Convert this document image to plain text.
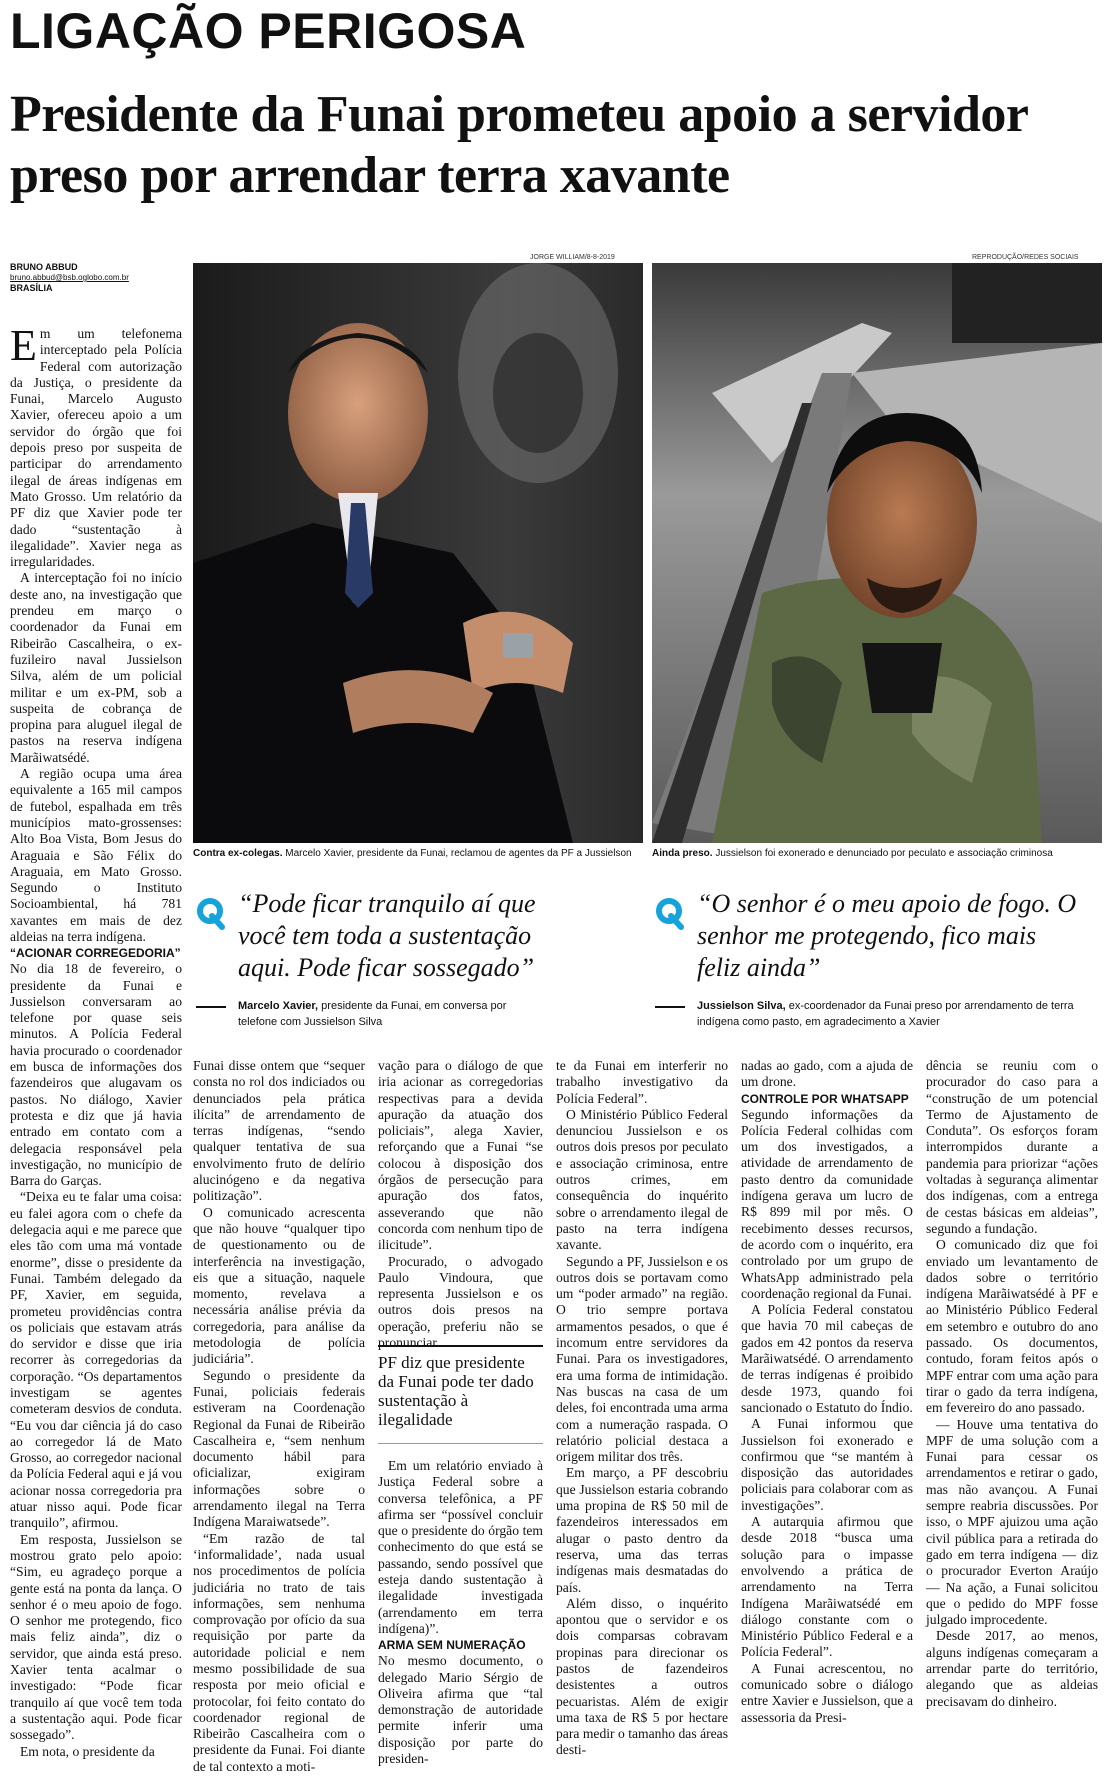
LIGAÇÃO PERIGOSA
Presidente da Funai prometeu apoio a servidor preso por arrendar terra xavante
BRUNO ABBUD
bruno.abbud@bsb.oglobo.com.br
BRASÍLIA
JORGE WILLIAM/8-8-2019	REPRODUÇÃO/REDES SOCIAIS
Contra ex-colegas. Marcelo Xavier, presidente da Funai, reclamou de agentes da PF a Jussielson	Ainda preso. Jussielson foi exonerado e denunciado por peculato e associação criminosa
“Pode ficar tranquilo aí que você tem toda a sustentação aqui. Pode ficar sossegado”
Marcelo Xavier, presidente da Funai, em conversa por telefone com Jussielson Silva
“O senhor é o meu apoio de fogo. O senhor me protegendo, fico mais feliz ainda”
Jussielson Silva, ex-coordenador da Funai preso por arrendamento de terra indígena como pasto, em agradecimento a Xavier

Em um telefonema interceptado pela Polícia Federal com autorização da Justiça, o presidente da Funai, Marcelo Augusto Xavier, ofereceu apoio a um servidor do órgão que foi depois preso por suspeita de participar do arrendamento ilegal de áreas indígenas em Mato Grosso. Um relatório da PF diz que Xavier pode ter dado “sustentação à ilegalidade”. Xavier nega as irregularidades.

A interceptação foi no início deste ano, na investigação que prendeu em março o coordenador da Funai em Ribeirão Cascalheira, o ex-fuzileiro naval Jussielson Silva, além de um policial militar e um ex-PM, sob a suspeita de cobrança de propina para aluguel ilegal de pastos na reserva indígena Marãiwatsédé.

A região ocupa uma área equivalente a 165 mil campos de futebol, espalhada em três municípios mato-grossenses: Alto Boa Vista, Bom Jesus do Araguaia e São Félix do Araguaia, em Mato Grosso. Segundo o Instituto Socioambiental, há 781 xavantes em mais de dez aldeias na terra indígena.

“ACIONAR CORREGEDORIA”

No dia 18 de fevereiro, o presidente da Funai e Jussielson conversaram ao telefone por quase seis minutos. A Polícia Federal havia procurado o coordenador em busca de informações dos fazendeiros que alugavam os pastos. No diálogo, Xavier protesta e diz que já havia entrado em contato com a delegacia responsável pela investigação, no município de Barra do Garças.

“Deixa eu te falar uma coisa: eu falei agora com o chefe da delegacia aqui e me parece que eles tão com uma má vontade enorme”, disse o presidente da Funai. Também delegado da PF, Xavier, em seguida, prometeu providências contra os policiais que estavam atrás do servidor e disse que iria recorrer às corregedorias da corporação. “Os departamentos investigam se agentes cometeram desvios de conduta. “Eu vou dar ciência já do caso ao corregedor lá de Mato Grosso, ao corregedor nacional da Polícia Federal aqui e já vou acionar nossa corregedoria pra atuar nisso aqui. Pode ficar tranquilo”, afirmou.

Em resposta, Jussielson se mostrou grato pelo apoio: “Sim, eu agradeço porque a gente está na ponta da lança. O senhor é o meu apoio de fogo. O senhor me protegendo, fico mais feliz ainda”, diz o servidor, que ainda está preso. Xavier tenta acalmar o investigado: “Pode ficar tranquilo aí que você tem toda a sustentação aqui. Pode ficar sossegado”.

Em nota, o presidente da

Funai disse ontem que “sequer consta no rol dos indiciados ou denunciados pela prática ilícita” de arrendamento de terras indígenas, “sendo qualquer tentativa de sua envolvimento fruto de delírio alucinógeno e da negativa politização”.

O comunicado acrescenta que não houve “qualquer tipo de questionamento ou de interferência na investigação, eis que a situação, naquele momento, revelava a necessária análise prévia da corregedoria, para análise da metodologia de polícia judiciária”.

Segundo o presidente da Funai, policiais federais estiveram na Coordenação Regional da Funai de Ribeirão Cascalheira e, “sem nenhum documento hábil para oficializar, exigiram informações sobre o arrendamento ilegal na Terra Indígena Maraiwatsede”.

“Em razão de tal ‘informalidade’, nada usual nos procedimentos de polícia judiciária no trato de tais informações, sem nenhuma comprovação por ofício da sua requisição por parte da autoridade policial e nem mesmo possibilidade de sua resposta por meio oficial e protocolar, foi feito contato do coordenador regional de Ribeirão Cascalheira com o presidente da Funai. Foi diante de tal contexto a moti-

vação para o diálogo de que iria acionar as corregedorias respectivas para a devida apuração da atuação dos policiais”, alega Xavier, reforçando que a Funai “se colocou à disposição dos órgãos de persecução para apuração dos fatos, asseverando que não concorda com nenhum tipo de ilicitude”.

Procurado, o advogado Paulo Vindoura, que representa Jussielson e os outros dois presos na operação, preferiu não se pronunciar.

PF diz que presidente da Funai pode ter dado sustentação à ilegalidade

Em um relatório enviado à Justiça Federal sobre a conversa telefônica, a PF afirma ser “possível concluir que o presidente do órgão tem conhecimento do que está se passando, sendo possível que esteja dando sustentação à ilegalidade investigada (arrendamento em terra indígena)”.

ARMA SEM NUMERAÇÃO

No mesmo documento, o delegado Mario Sérgio de Oliveira afirma que “tal demonstração de autoridade permite inferir uma disposição por parte do presiden-

te da Funai em interferir no trabalho investigativo da Polícia Federal”.

O Ministério Público Federal denunciou Jussielson e os outros dois presos por peculato e associação criminosa, entre outros crimes, em consequência do inquérito sobre o arrendamento ilegal de pasto na terra indígena xavante.

Segundo a PF, Jussielson e os outros dois se portavam como um “poder armado” na região. O trio sempre portava armamentos pesados, o que é incomum entre servidores da Funai. Para os investigadores, era uma forma de intimidação. Nas buscas na casa de um deles, foi encontrada uma arma com a numeração raspada. O relatório policial destaca a origem militar dos três.

Em março, a PF descobriu que Jussielson estaria cobrando uma propina de R$ 50 mil de fazendeiros interessados em alugar o pasto dentro da reserva, uma das terras indígenas mais desmatadas do país.

Além disso, o inquérito apontou que o servidor e os dois comparsas cobravam propinas para direcionar os pastos de fazendeiros desistentes a outros pecuaristas. Além de exigir uma taxa de R$ 5 por hectare para medir o tamanho das áreas desti-

nadas ao gado, com a ajuda de um drone.

CONTROLE POR WHATSAPP

Segundo informações da Polícia Federal colhidas com um dos investigados, a atividade de arrendamento de pasto dentro da comunidade indígena gerava um lucro de R$ 899 mil por mês. O recebimento desses recursos, de acordo com o inquérito, era controlado por um grupo de WhatsApp administrado pela coordenação regional da Funai.

A Polícia Federal constatou que havia 70 mil cabeças de gados em 42 pontos da reserva Marãiwatsédé. O arrendamento de terras indígenas é proibido desde 1973, quando foi sancionado o Estatuto do Índio.

A Funai informou que Jussielson foi exonerado e confirmou que “se mantém à disposição das autoridades policiais para colaborar com as investigações”.

A autarquia afirmou que desde 2018 “busca uma solução para o impasse envolvendo a prática de arrendamento na Terra Indígena Marãiwatsédé em diálogo constante com o Ministério Público Federal e a Polícia Federal”.

A Funai acrescentou, no comunicado sobre o diálogo entre Xavier e Jussielson, que a assessoria da Presi-

dência se reuniu com o procurador do caso para a “construção de um potencial Termo de Ajustamento de Conduta”. Os esforços foram interrompidos durante a pandemia para priorizar “ações voltadas à segurança alimentar dos indígenas, com a entrega de cestas básicas em aldeias”, segundo a fundação.

O comunicado diz que foi enviado um levantamento de dados sobre o território indígena Marãiwatsédé à PF e ao Ministério Público Federal em setembro e outubro do ano passado. Os documentos, contudo, foram feitos após o MPF entrar com uma ação para tirar o gado da terra indígena, em fevereiro do ano passado.

— Houve uma tentativa do MPF de uma solução com a Funai para cessar os arrendamentos e retirar o gado, mas não avançou. A Funai sempre reabria discussões. Por isso, o MPF ajuizou uma ação civil pública para a retirada do gado em terra indígena — diz o procurador Everton Araújo — Na ação, a Funai solicitou que o pedido do MPF fosse julgado improcedente.

Desde 2017, ao menos, alguns indígenas começaram a arrendar parte do território, alegando que as aldeias precisavam do dinheiro.
